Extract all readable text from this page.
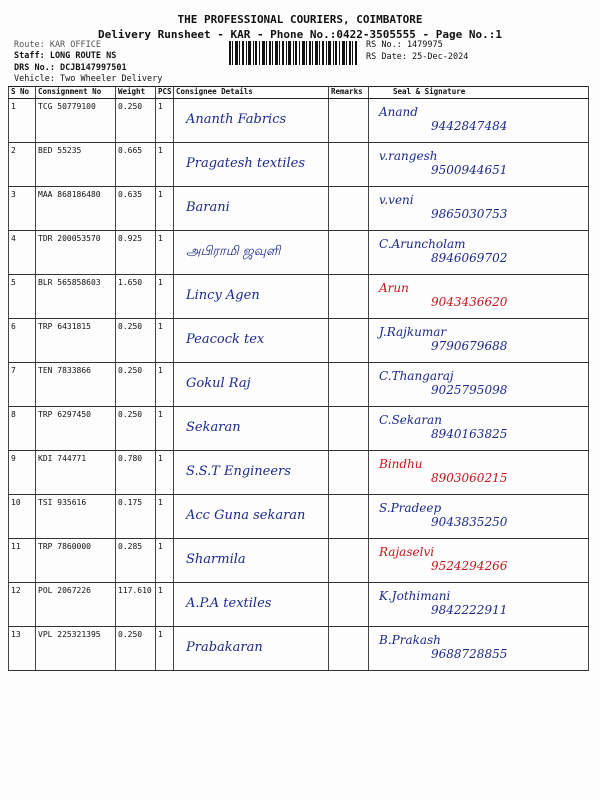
THE PROFESSIONAL COURIERS, COIMBATORE
Delivery Runsheet - KAR - Phone No.:0422-3505555 - Page No.:1
Route: KAR OFFICE
Staff: LONG ROUTE NS
DRS No.: DCJB147997501
Vehicle: Two Wheeler Delivery
RS No.: 1479975
RS Date: 25-Dec-2024
S No	Consignment No	Weight	PCS	Consignee Details	Remarks	Seal & Signature
1	TCG 50779100	0.250	1	Ananth Fabrics		Anand
9442847484

2	BED 55235	0.665	1	Pragatesh textiles		v.rangesh
9500944651

3	MAA 868186480	0.635	1	Barani		v.veni
9865030753

4	TDR 200053570	0.925	1	அபிராமி ஜவுளி		C.Aruncholam
8946069702

5	BLR 565858603	1.650	1	Lincy Agen		Arun
9043436620

6	TRP 6431815	0.250	1	Peacock tex		J.Rajkumar
9790679688

7	TEN 7833866	0.250	1	Gokul Raj		C.Thangaraj
9025795098

8	TRP 6297450	0.250	1	Sekaran		C.Sekaran
8940163825

9	KDI 744771	0.780	1	S.S.T Engineers		Bindhu
8903060215

10	TSI 935616	0.175	1	Acc Guna sekaran		S.Pradeep
9043835250

11	TRP 7860000	0.285	1	Sharmila		Rajaselvi
9524294266

12	POL 2067226	117.610	1	A.P.A textiles		K.Jothimani
9842222911

13	VPL 225321395	0.250	1	Prabakaran		B.Prakash
9688728855
